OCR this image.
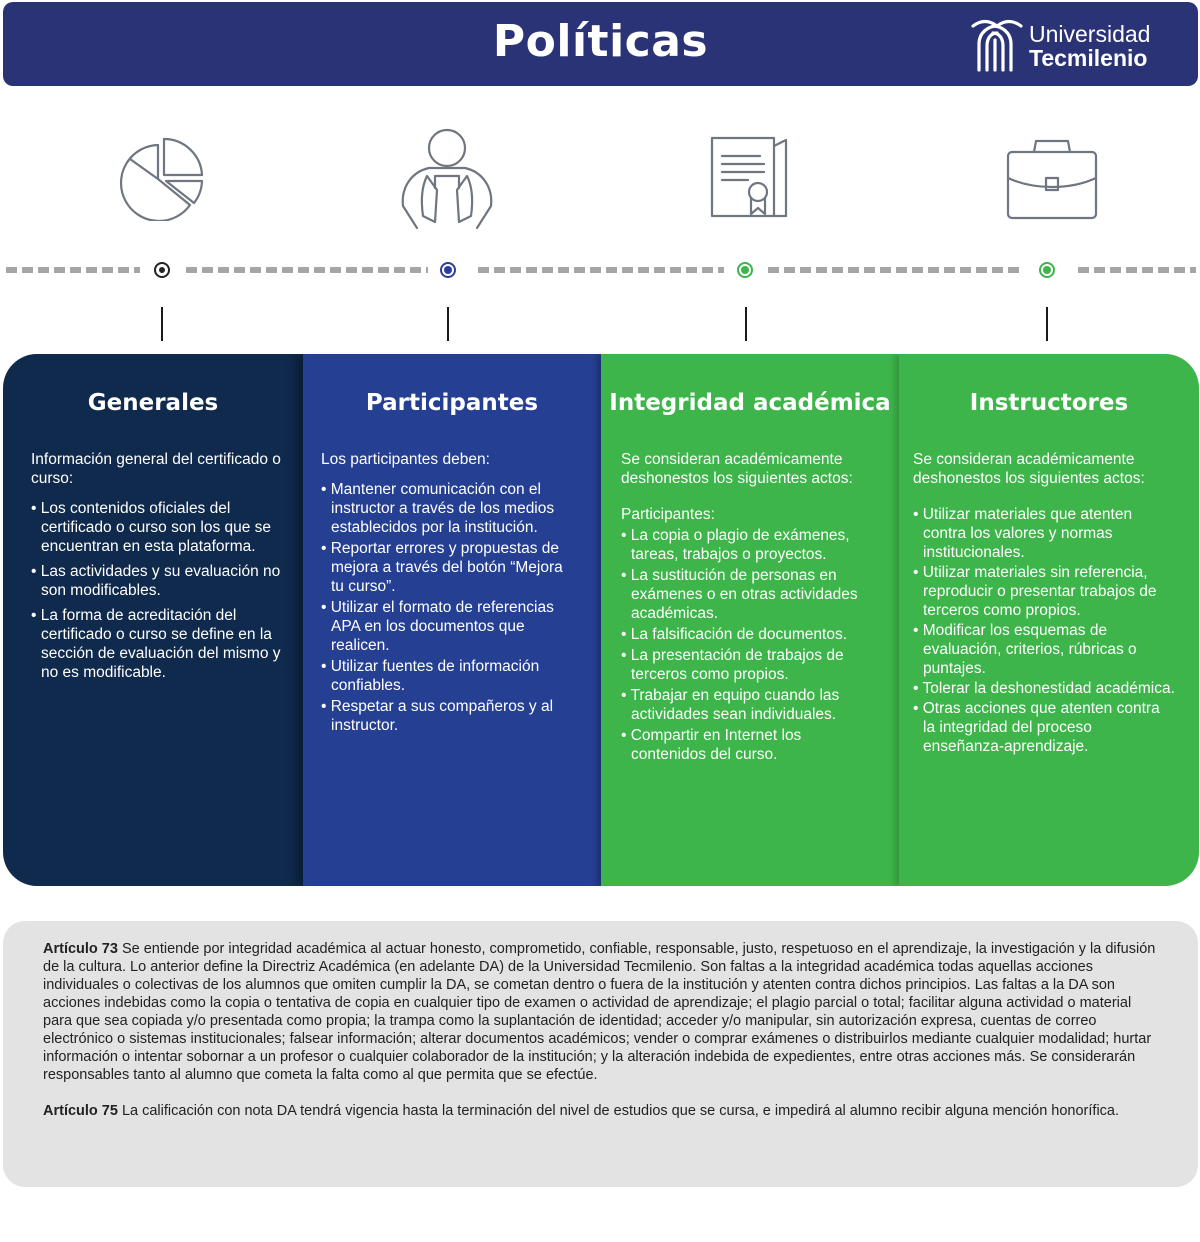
Políticas	Universidad
Tecmilenio
Generales

Información general del certificado o curso:

• Los contenidos oficiales del certificado o curso son los que se encuentran en esta plataforma.
• Las actividades y su evaluación no son modificables.
• La forma de acreditación del certificado o curso se define en la sección de evaluación del mismo y no es modificable.
Participantes

Los participantes deben:

• Mantener comunicación con el instructor a través de los medios establecidos por la institución.
• Reportar errores y propuestas de mejora a través del botón “Mejora tu curso”.
• Utilizar el formato de referencias APA en los documentos que realicen.
• Utilizar fuentes de información confiables.
• Respetar a sus compañeros y al instructor.
Integridad académica

Se consideran académicamente deshonestos los siguientes actos:

Participantes:

• La copia o plagio de exámenes, tareas, trabajos o proyectos.
• La sustitución de personas en exámenes o en otras actividades académicas.
• La falsificación de documentos.
• La presentación de trabajos de terceros como propios.
• Trabajar en equipo cuando las actividades sean individuales.
• Compartir en Internet los contenidos del curso.
Instructores

Se consideran académicamente deshonestos los siguientes actos:

• Utilizar materiales que atenten contra los valores y normas institucionales.
• Utilizar materiales sin referencia, reproducir o presentar trabajos de terceros como propios.
• Modificar los esquemas de evaluación, criterios, rúbricas o puntajes.
• Tolerar la deshonestidad académica.
• Otras acciones que atenten contra la integridad del proceso enseñanza-aprendizaje.

Artículo 73 Se entiende por integridad académica al actuar honesto, comprometido, confiable, responsable, justo, respetuoso en el aprendizaje, la investigación y la difusión de la cultura. Lo anterior define la Directriz Académica (en adelante DA) de la Universidad Tecmilenio. Son faltas a la integridad académica todas aquellas acciones individuales o colectivas de los alumnos que omiten cumplir la DA, se cometan dentro o fuera de la institución y atenten contra dichos principios. Las faltas a la DA son acciones indebidas como la copia o tentativa de copia en cualquier tipo de examen o actividad de aprendizaje; el plagio parcial o total; facilitar alguna actividad o material para que sea copiada y/o presentada como propia; la trampa como la suplantación de identidad; acceder y/o manipular, sin autorización expresa, cuentas de correo electrónico o sistemas institucionales; falsear información; alterar documentos académicos; vender o comprar exámenes o distribuirlos mediante cualquier modalidad; hurtar información o intentar sobornar a un profesor o cualquier colaborador de la institución; y la alteración indebida de expedientes, entre otras acciones más. Se considerarán responsables tanto al alumno que cometa la falta como al que permita que se efectúe.

Artículo 75 La calificación con nota DA tendrá vigencia hasta la terminación del nivel de estudios que se cursa, e impedirá al alumno recibir alguna mención honorífica.
